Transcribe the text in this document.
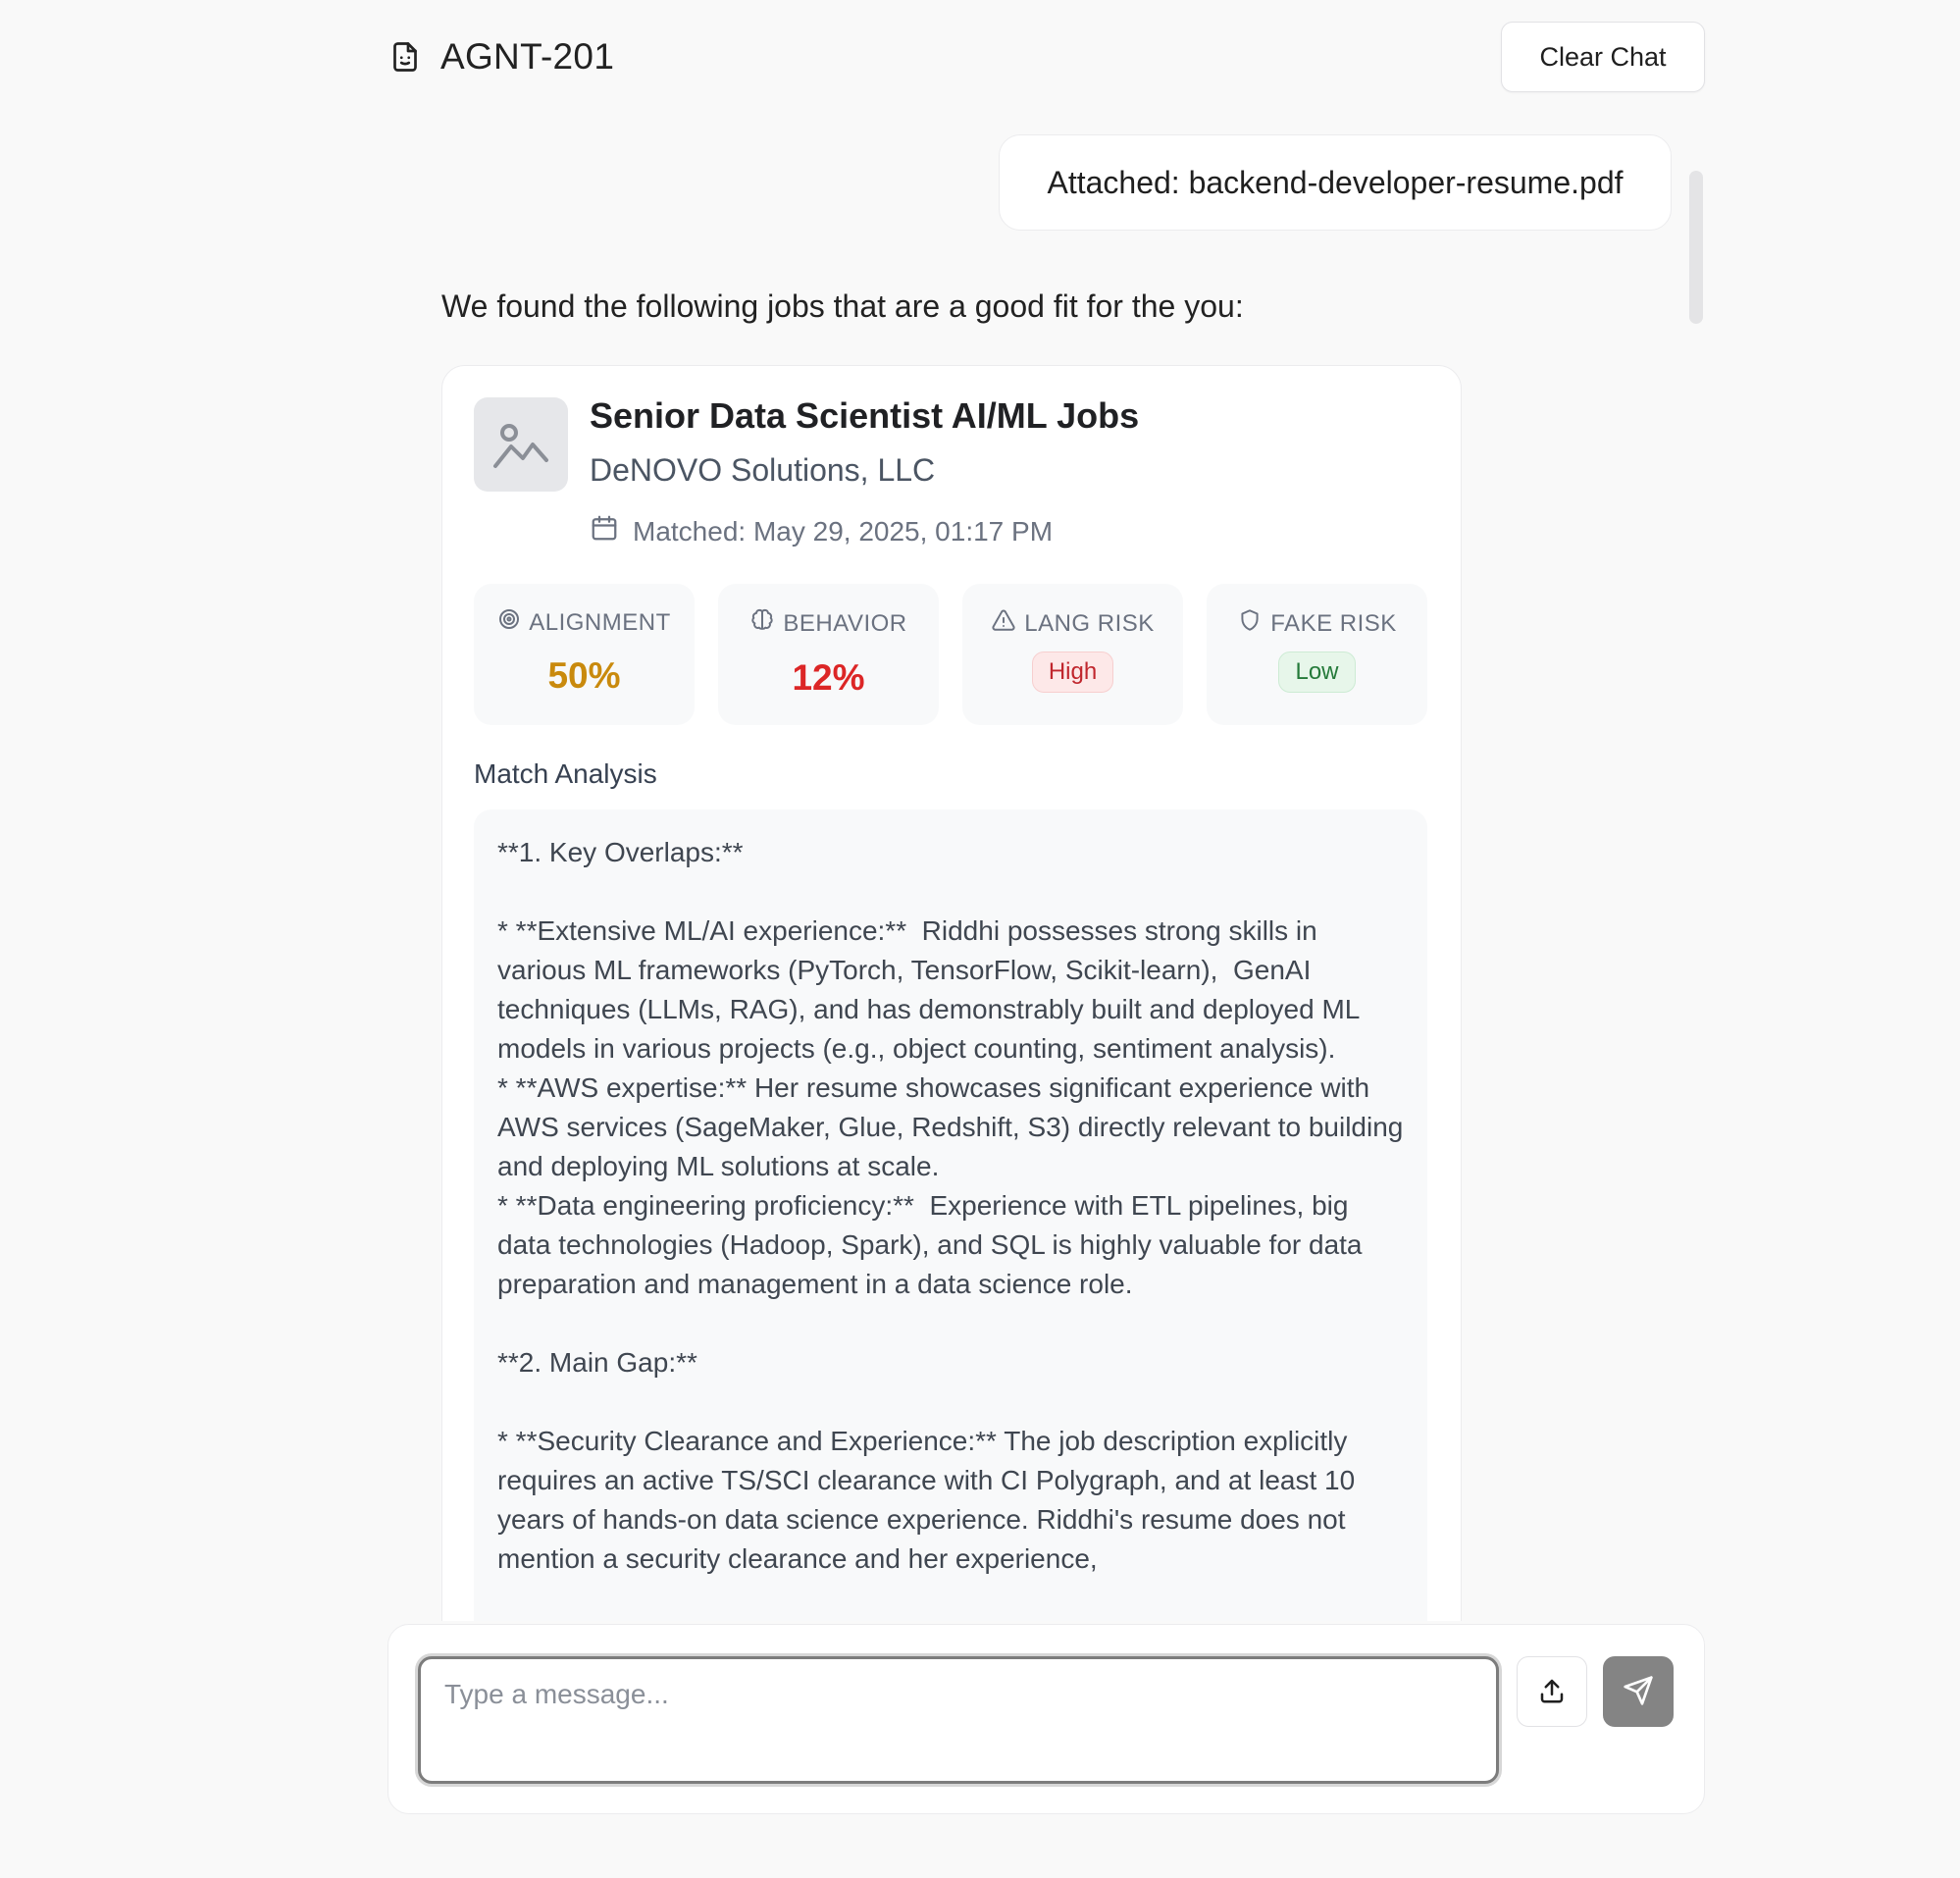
AGNT-201	Clear Chat
Attached: backend-developer-resume.pdf
We found the following jobs that are a good fit for the you:
Senior Data Scientist AI/ML Jobs
DeNOVO Solutions, LLC
Matched: May 29, 2025, 01:17 PM
ALIGNMENT
50%
BEHAVIOR
12%
LANG RISK
High
FAKE RISK
Low
Match Analysis
**1. Key Overlaps:**

* **Extensive ML/AI experience:**  Riddhi possesses strong skills in various ML frameworks (PyTorch, TensorFlow, Scikit-learn),  GenAI techniques (LLMs, RAG), and has demonstrably built and deployed ML models in various projects (e.g., object counting, sentiment analysis).
* **AWS expertise:** Her resume showcases significant experience with AWS services (SageMaker, Glue, Redshift, S3) directly relevant to building and deploying ML solutions at scale.
* **Data engineering proficiency:**  Experience with ETL pipelines, big data technologies (Hadoop, Spark), and SQL is highly valuable for data preparation and management in a data science role.

**2. Main Gap:**

* **Security Clearance and Experience:** The job description explicitly requires an active TS/SCI clearance with CI Polygraph, and at least 10 years of hands-on data science experience. Riddhi's resume does not mention a security clearance and her experience,
Type a message...
